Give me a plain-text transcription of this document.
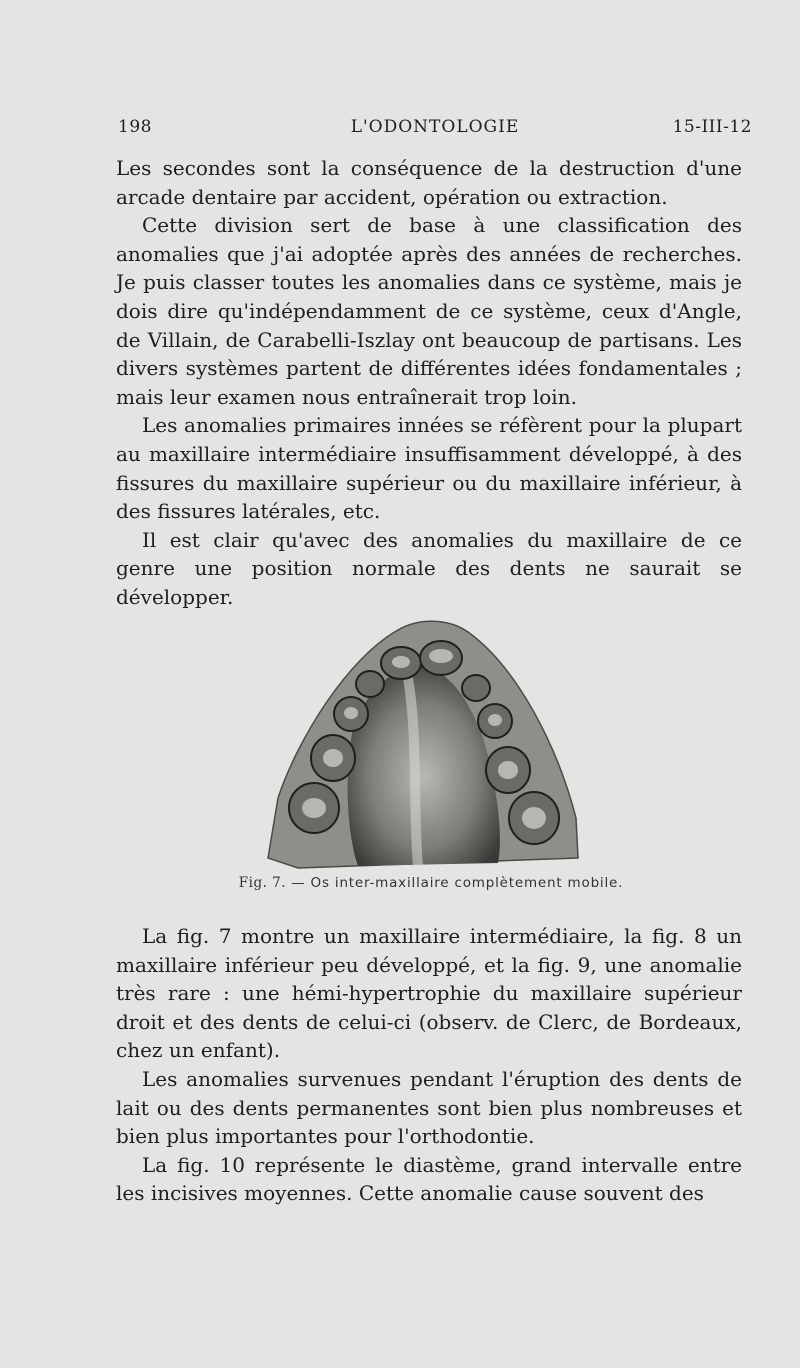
198	L'ODONTOLOGIE	15-III-12

Les secondes sont la conséquence de la destruction d'une arcade dentaire par accident, opération ou extraction.

Cette division sert de base à une classification des anomalies que j'ai adoptée après des années de recherches. Je puis classer toutes les anomalies dans ce système, mais je dois dire qu'indépendamment de ce système, ceux d'Angle, de Villain, de Carabelli-Iszlay ont beaucoup de partisans. Les divers systèmes partent de différentes idées fondamentales ; mais leur examen nous entraînerait trop loin.

Les anomalies primaires innées se réfèrent pour la plupart au maxillaire intermédiaire insuffisamment développé, à des fissures du maxillaire supérieur ou du maxillaire inférieur, à des fissures latérales, etc.

Il est clair qu'avec des anomalies du maxillaire de ce genre une position normale des dents ne saurait se développer.

Fig. 7. — Os inter-maxillaire complètement mobile.

La fig. 7 montre un maxillaire intermédiaire, la fig. 8 un maxillaire inférieur peu développé, et la fig. 9, une anomalie très rare : une hémi-hypertrophie du maxillaire supérieur droit et des dents de celui-ci (observ. de Clerc, de Bordeaux, chez un enfant).

Les anomalies survenues pendant l'éruption des dents de lait ou des dents permanentes sont bien plus nombreuses et bien plus importantes pour l'orthodontie.

La fig. 10 représente le diastème, grand intervalle entre les incisives moyennes. Cette anomalie cause souvent des
